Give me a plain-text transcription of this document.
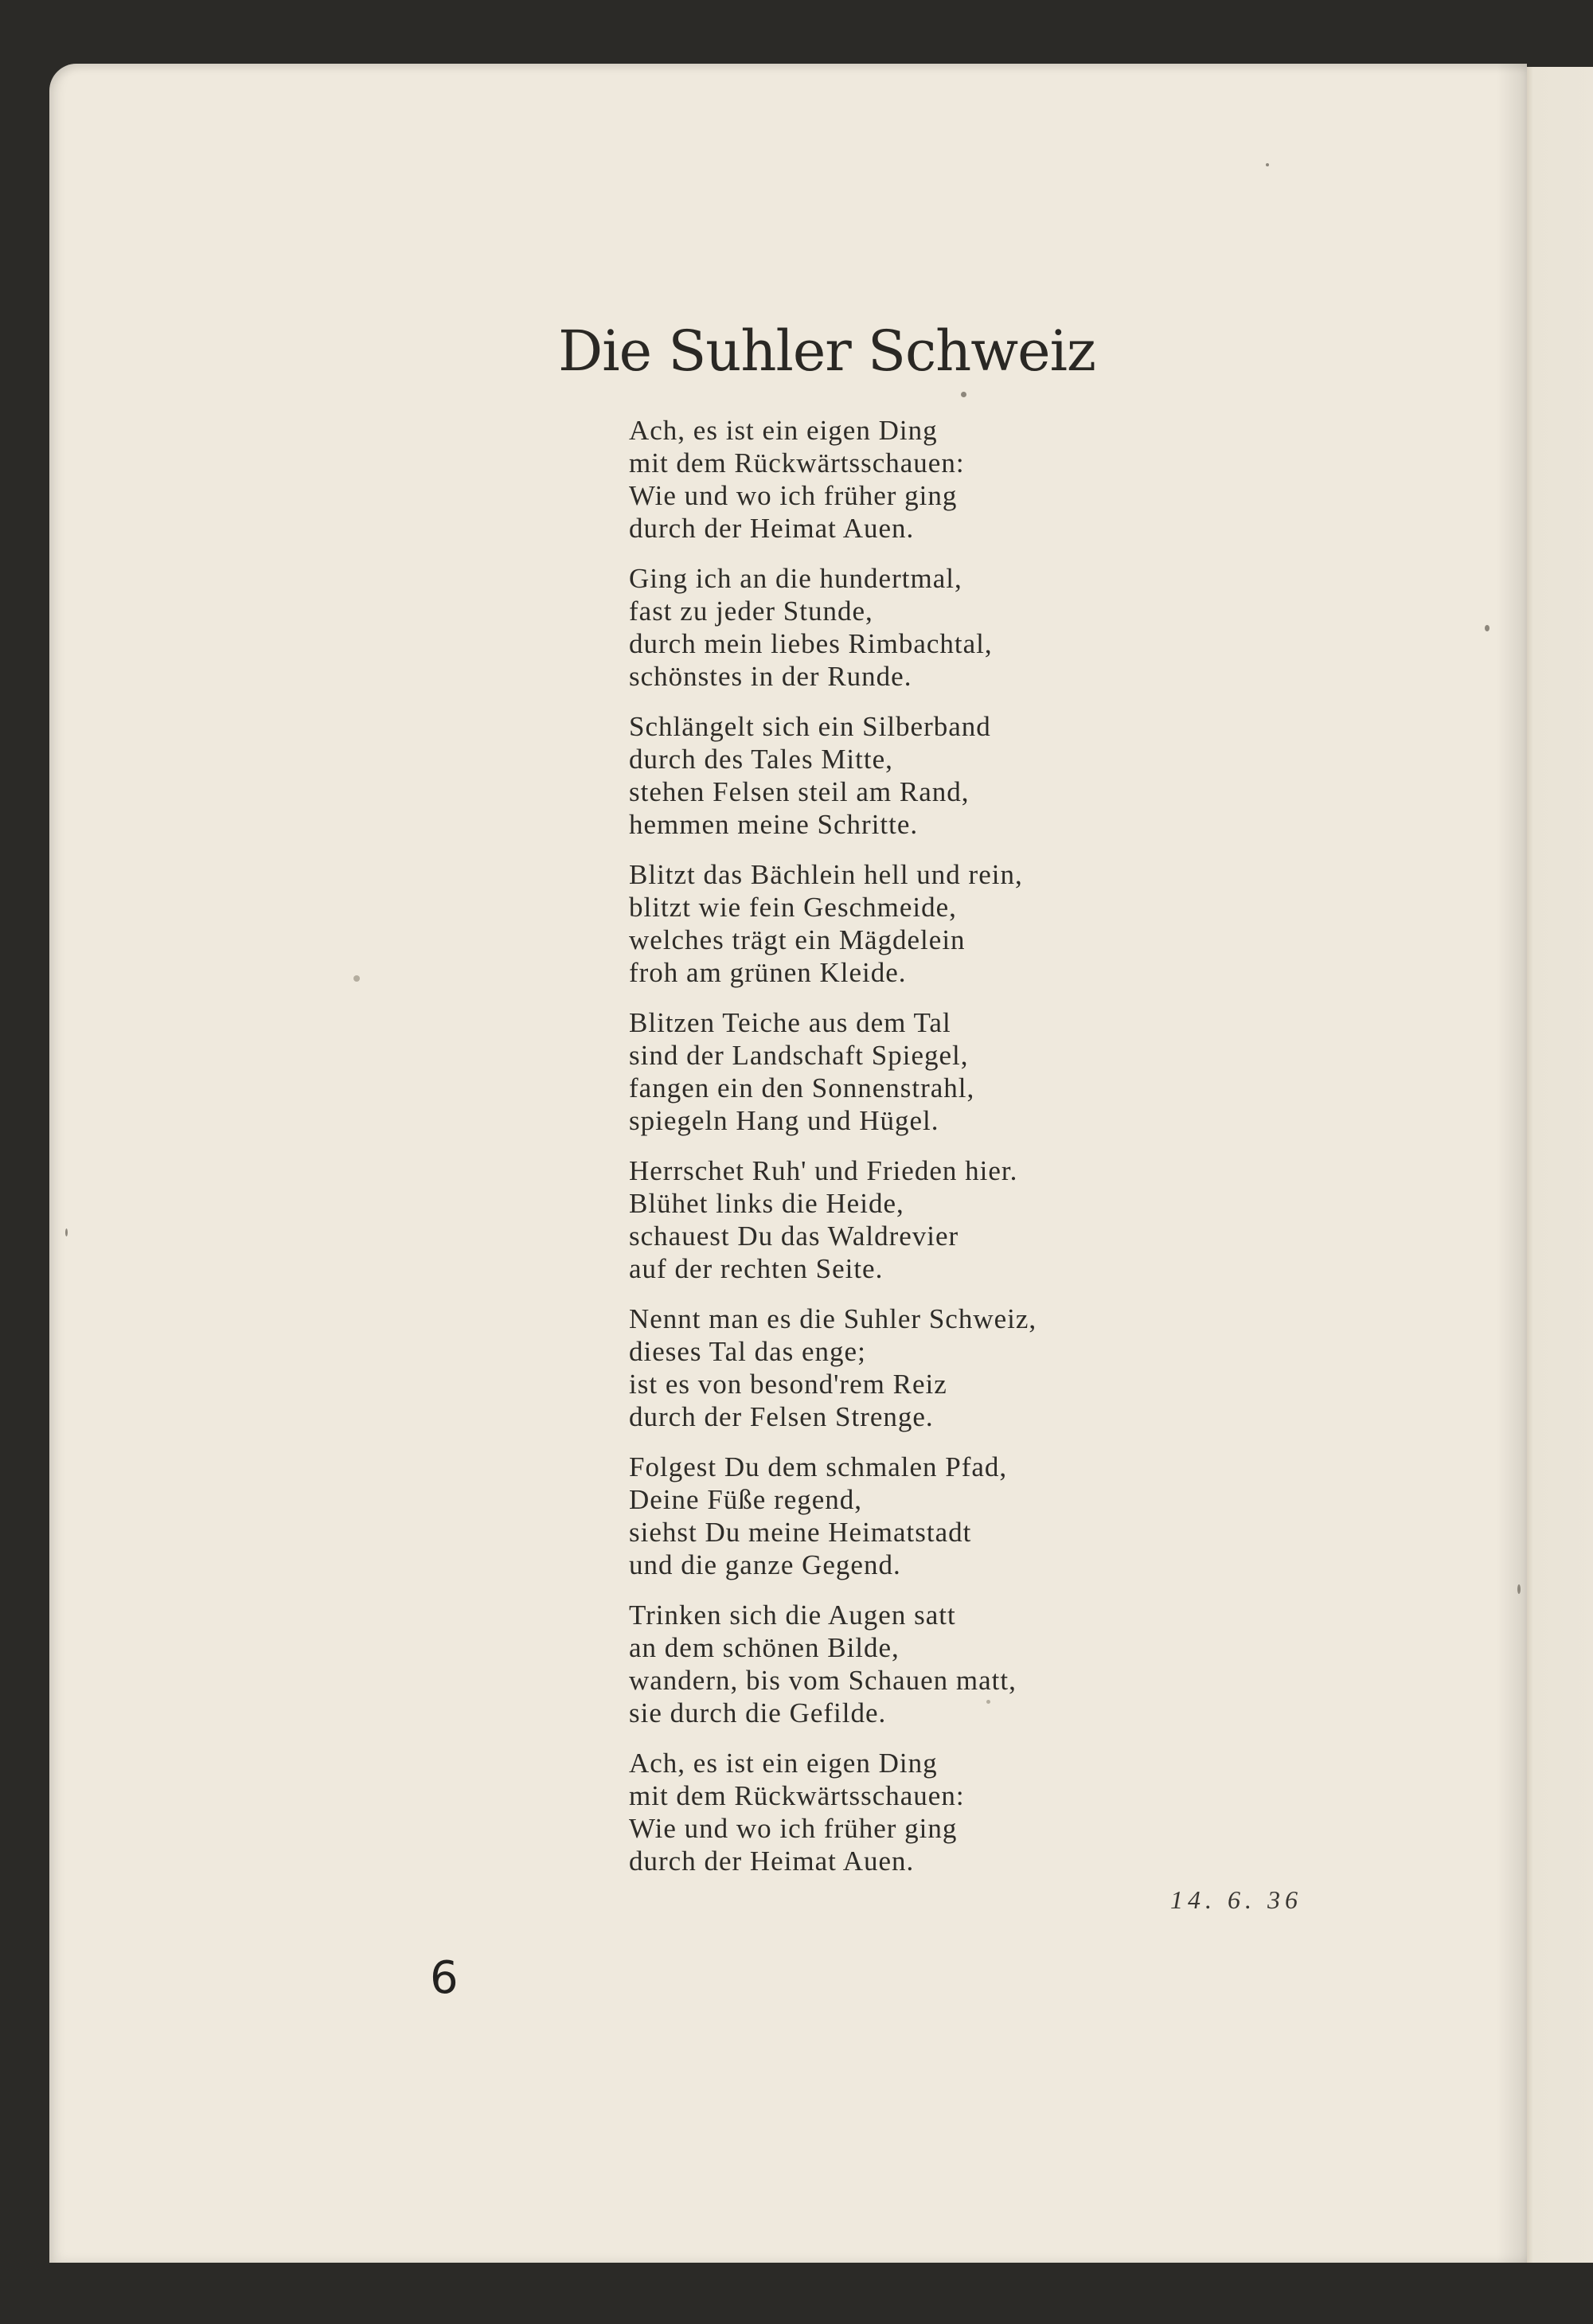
Die Suhler Schweiz
Ach, es ist ein eigen Ding
mit dem Rückwärtsschauen:
Wie und wo ich früher ging
durch der Heimat Auen.
Ging ich an die hundertmal,
fast zu jeder Stunde,
durch mein liebes Rimbachtal,
schönstes in der Runde.
Schlängelt sich ein Silberband
durch des Tales Mitte,
stehen Felsen steil am Rand,
hemmen meine Schritte.
Blitzt das Bächlein hell und rein,
blitzt wie fein Geschmeide,
welches trägt ein Mägdelein
froh am grünen Kleide.
Blitzen Teiche aus dem Tal
sind der Landschaft Spiegel,
fangen ein den Sonnenstrahl,
spiegeln Hang und Hügel.
Herrschet Ruh' und Frieden hier.
Blühet links die Heide,
schauest Du das Waldrevier
auf der rechten Seite.
Nennt man es die Suhler Schweiz,
dieses Tal das enge;
ist es von besond'rem Reiz
durch der Felsen Strenge.
Folgest Du dem schmalen Pfad,
Deine Füße regend,
siehst Du meine Heimatstadt
und die ganze Gegend.
Trinken sich die Augen satt
an dem schönen Bilde,
wandern, bis vom Schauen matt,
sie durch die Gefilde.
Ach, es ist ein eigen Ding
mit dem Rückwärtsschauen:
Wie und wo ich früher ging
durch der Heimat Auen.
14. 6. 36
6
